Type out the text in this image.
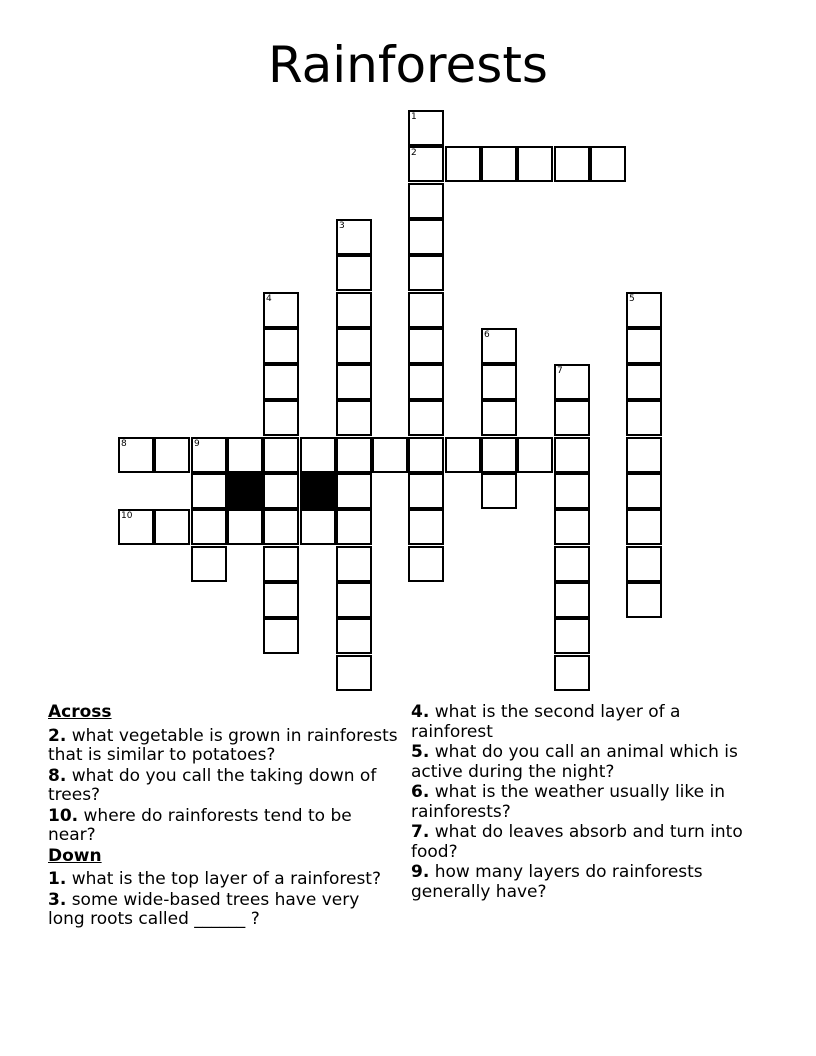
Rainforests
1
2
3
4	5
6
7
9
8
10
Across
2. what vegetable is grown in rainforests that is similar to potatoes?
8. what do you call the taking down of trees?
10. where do rainforests tend to be near?
Down
1. what is the top layer of a rainforest?
3. some wide-based trees have very long roots called ______ ?
4. what is the second layer of a rainforest
5. what do you call an animal which is active during the night?
6. what is the weather usually like in rainforests?
7. what do leaves absorb and turn into food?
9. how many layers do rainforests generally have?
